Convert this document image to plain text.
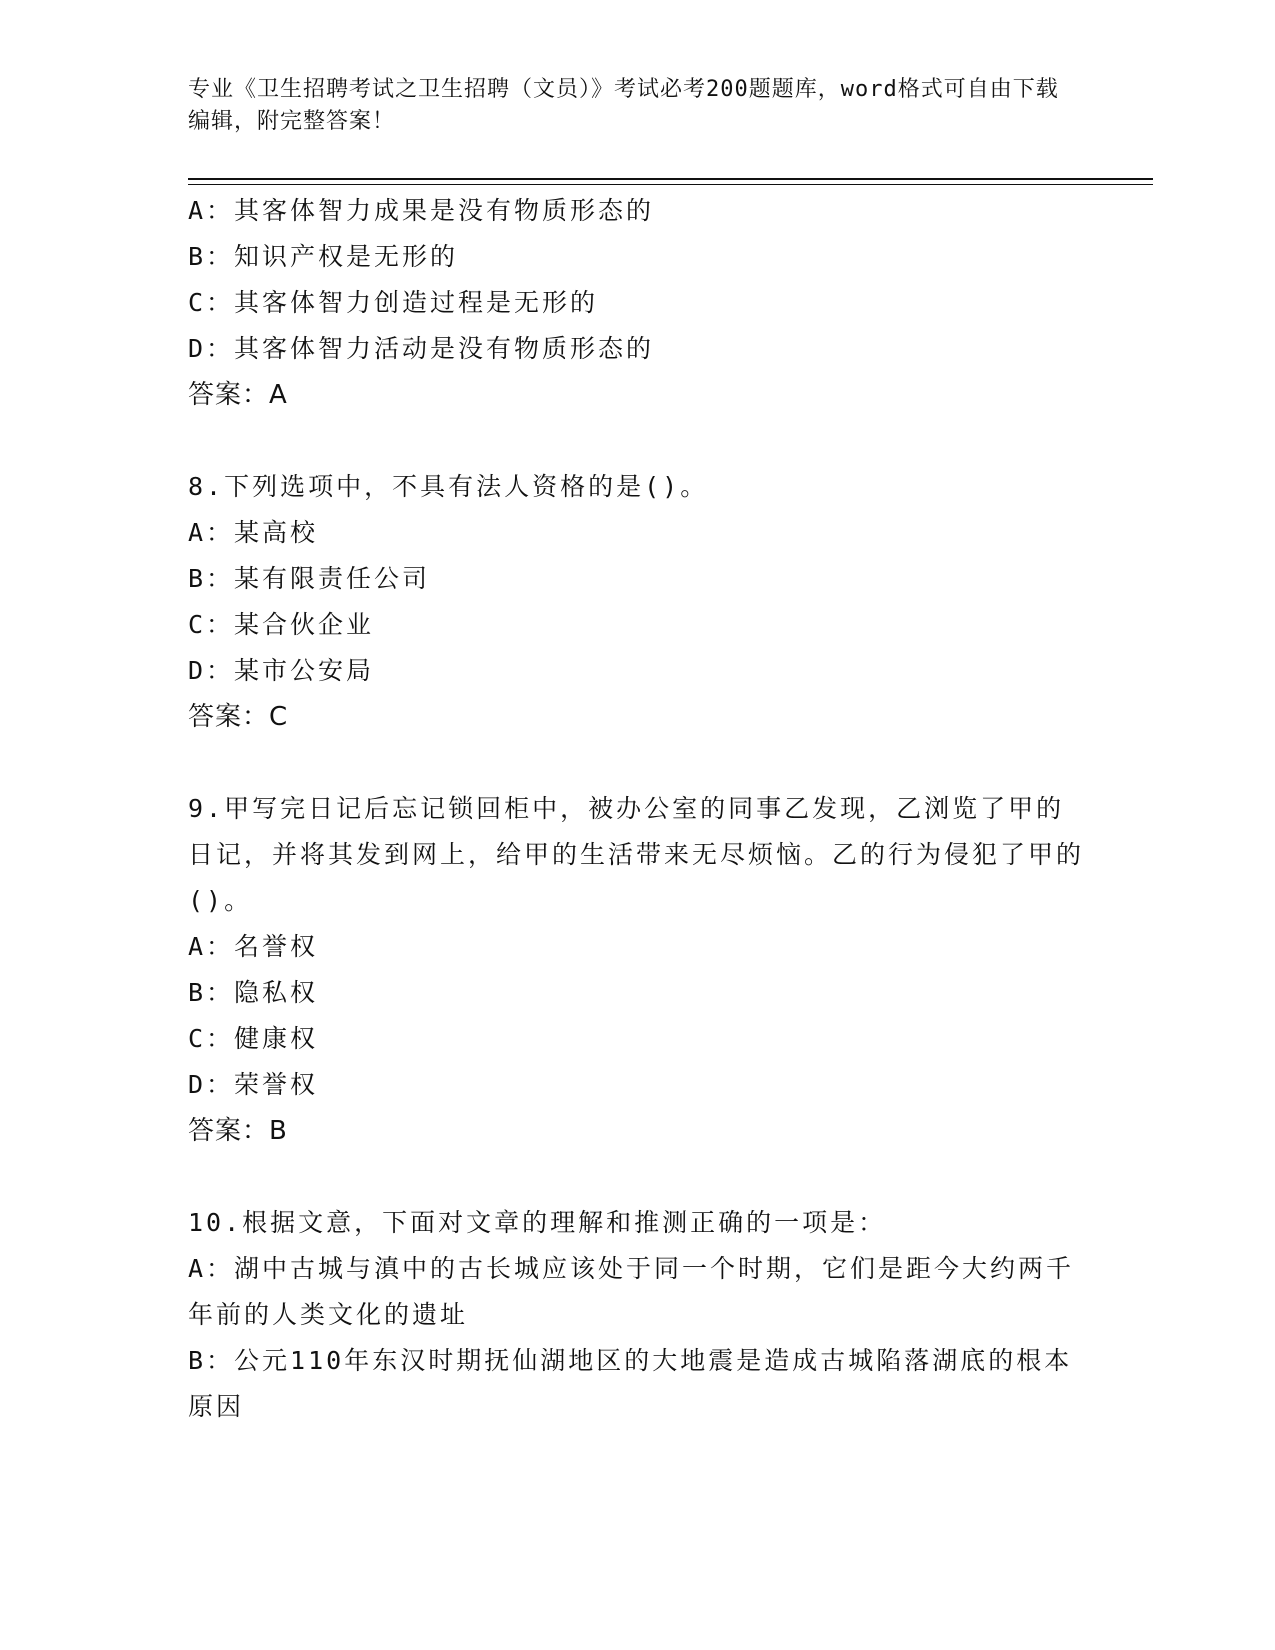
专业《卫生招聘考试之卫生招聘（文员）》考试必考200题题库，word格式可自由下载编辑，附完整答案！

A：其客体智力成果是没有物质形态的

B：知识产权是无形的

C：其客体智力创造过程是无形的

D：其客体智力活动是没有物质形态的

答案：A

8.下列选项中，不具有法人资格的是()。

A：某高校

B：某有限责任公司

C：某合伙企业

D：某市公安局

答案：C

9.甲写完日记后忘记锁回柜中，被办公室的同事乙发现，乙浏览了甲的日记，并将其发到网上，给甲的生活带来无尽烦恼。乙的行为侵犯了甲的()。

A：名誉权

B：隐私权

C：健康权

D：荣誉权

答案：B

10.根据文意，下面对文章的理解和推测正确的一项是：

A：湖中古城与滇中的古长城应该处于同一个时期，它们是距今大约两千年前的人类文化的遗址

B：公元110年东汉时期抚仙湖地区的大地震是造成古城陷落湖底的根本原因
